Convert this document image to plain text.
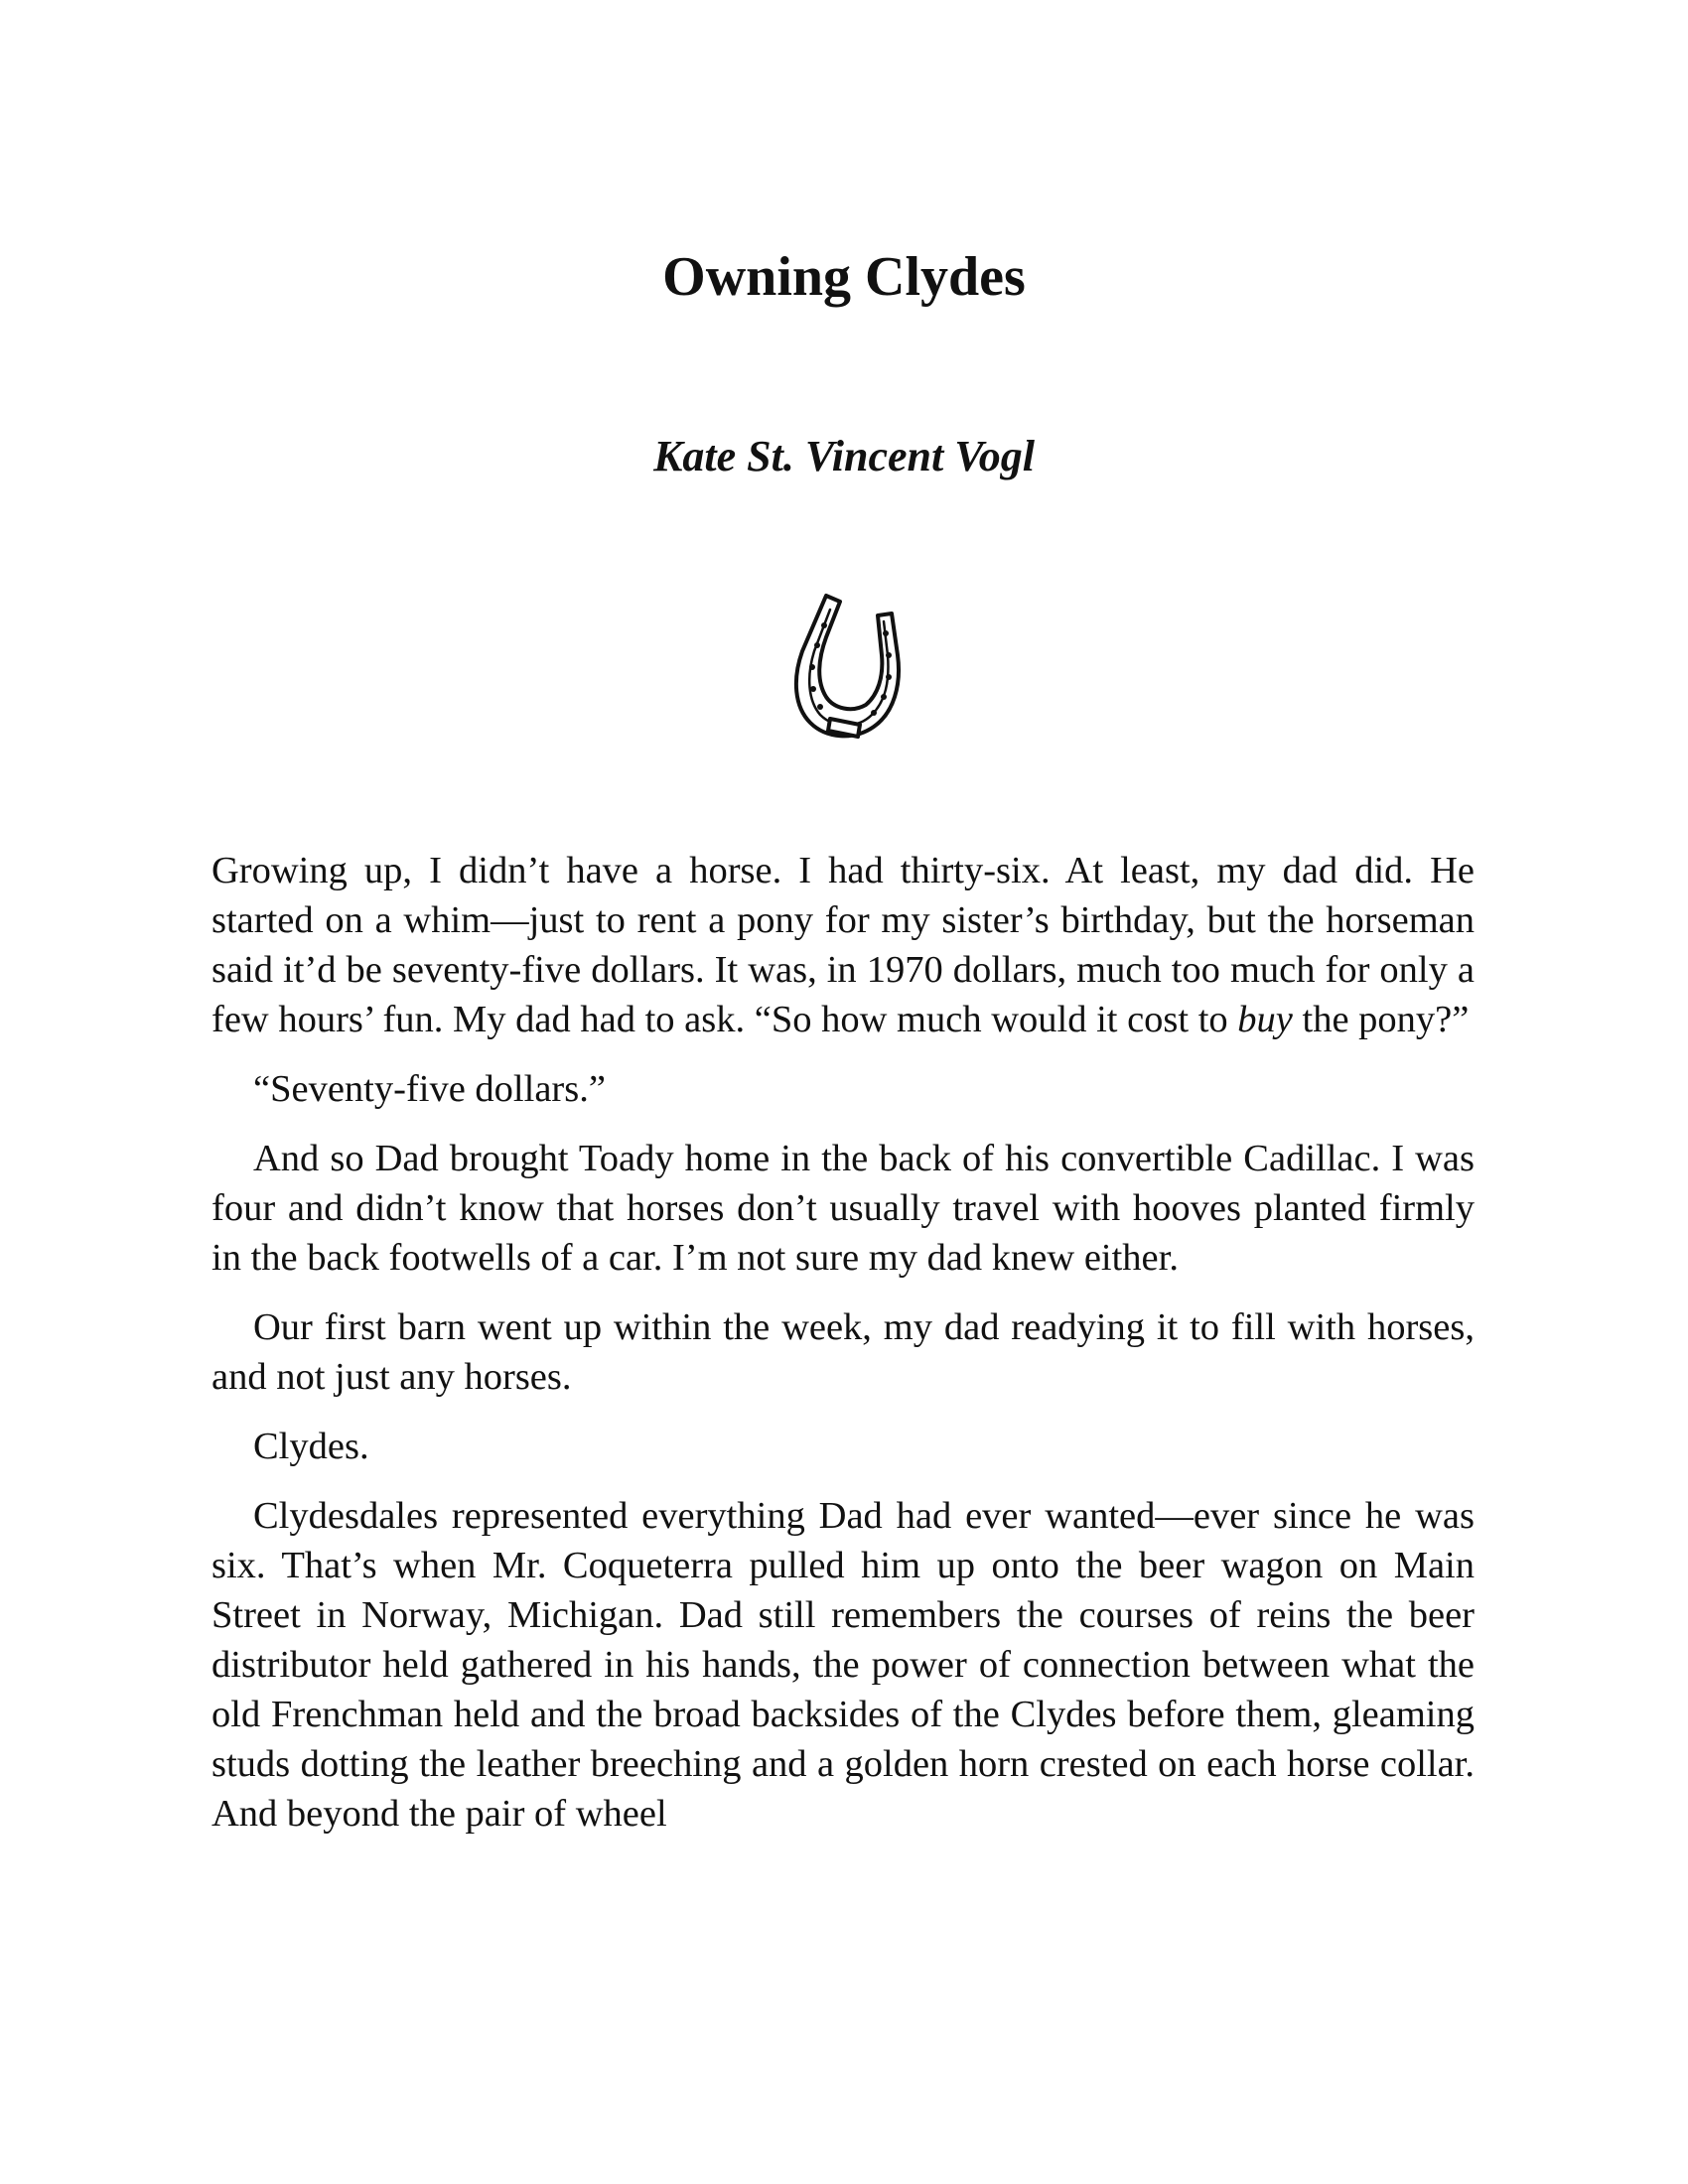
Owning Clydes
Kate St. Vincent Vogl

Growing up, I didn’t have a horse. I had thirty-six. At least, my dad did. He started on a whim—just to rent a pony for my sister’s birthday, but the horseman said it’d be seventy-five dollars. It was, in 1970 dollars, much too much for only a few hours’ fun. My dad had to ask. “So how much would it cost to buy the pony?”

“Seventy-five dollars.”

And so Dad brought Toady home in the back of his convertible Cadillac. I was four and didn’t know that horses don’t usually travel with hooves planted firmly in the back footwells of a car. I’m not sure my dad knew either.

Our first barn went up within the week, my dad readying it to fill with horses, and not just any horses.

Clydes.

Clydesdales represented everything Dad had ever wanted—ever since he was six. That’s when Mr. Coqueterra pulled him up onto the beer wagon on Main Street in Norway, Michigan. Dad still remembers the courses of reins the beer distributor held gathered in his hands, the power of connection between what the old Frenchman held and the broad backsides of the Clydes before them, gleaming studs dotting the leather breeching and a golden horn crested on each horse collar. And beyond the pair of wheel
